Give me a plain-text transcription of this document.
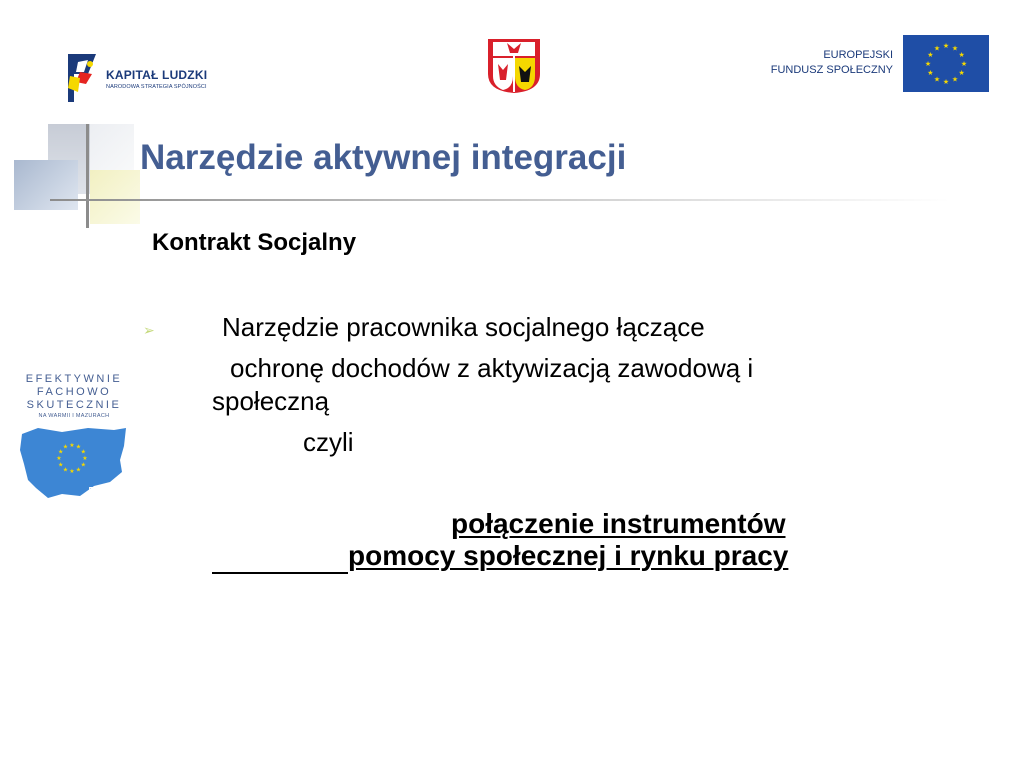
KAPITAŁ LUDZKI
NARODOWA STRATEGIA SPÓJNOŚCI
EUROPEJSKI
FUNDUSZ SPOŁECZNY
★ ★
★
★
★
★
★
★
★
★
★
★
Narzędzie aktywnej integracji
Kontrakt Socjalny
➢	Narzędzie pracownika socjalnego łączące
ochronę dochodów z aktywizacją zawodową i
społeczną
czyli
połączenie instrumentów
pomocy społecznej i rynku pracy
EFEKTYWNIE
FACHOWO
SKUTECZNIE
NA WARMII I MAZURACH
★ ★
★
★
★
★
★
★
★
★
★
★
ROPS
